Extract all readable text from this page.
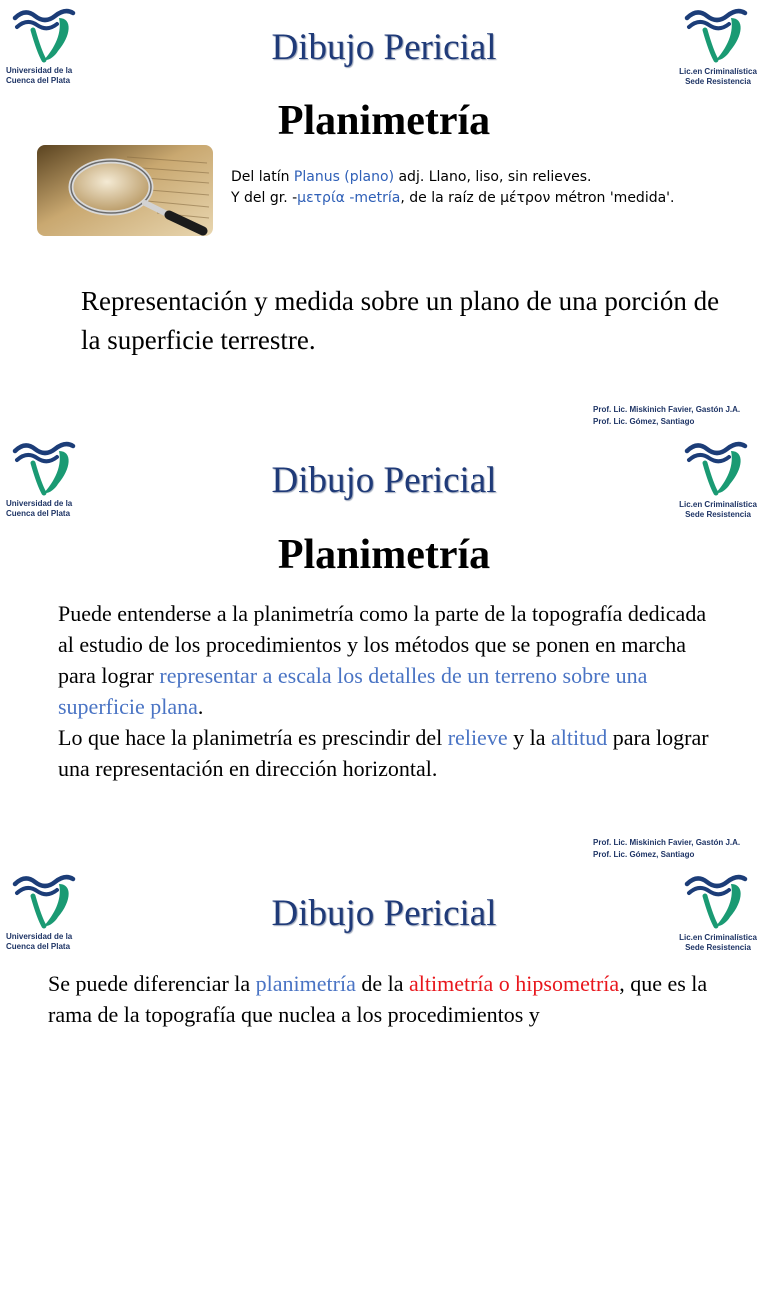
Universidad de la
Cuenca del Plata
Lic.en Criminalística
Sede Resistencia
Dibujo Pericial
Planimetría
Del latín Planus (plano) adj. Llano, liso, sin relieves.
Y del gr. -μετρία -metría, de la raíz de μέτρον métron 'medida'.
Representación y medida sobre un plano de una porción de la superficie terrestre.
Prof. Lic. Miskinich Favier, Gastón J.A.
Prof. Lic. Gómez, Santiago
Universidad de la
Cuenca del Plata
Lic.en Criminalística
Sede Resistencia
Dibujo Pericial
Planimetría
Puede entenderse a la planimetría como la parte de la topografía dedicada al estudio de los procedimientos y los métodos que se ponen en marcha para lograr representar a escala los detalles de un terreno sobre una superficie plana.
Lo que hace la planimetría es prescindir del relieve y la altitud para lograr una representación en dirección horizontal.
Prof. Lic. Miskinich Favier, Gastón J.A.
Prof. Lic. Gómez, Santiago
Universidad de la
Cuenca del Plata
Lic.en Criminalística
Sede Resistencia
Dibujo Pericial
Se puede diferenciar la planimetría de la altimetría o hipsometría, que es la rama de la topografía que nuclea a los procedimientos y
